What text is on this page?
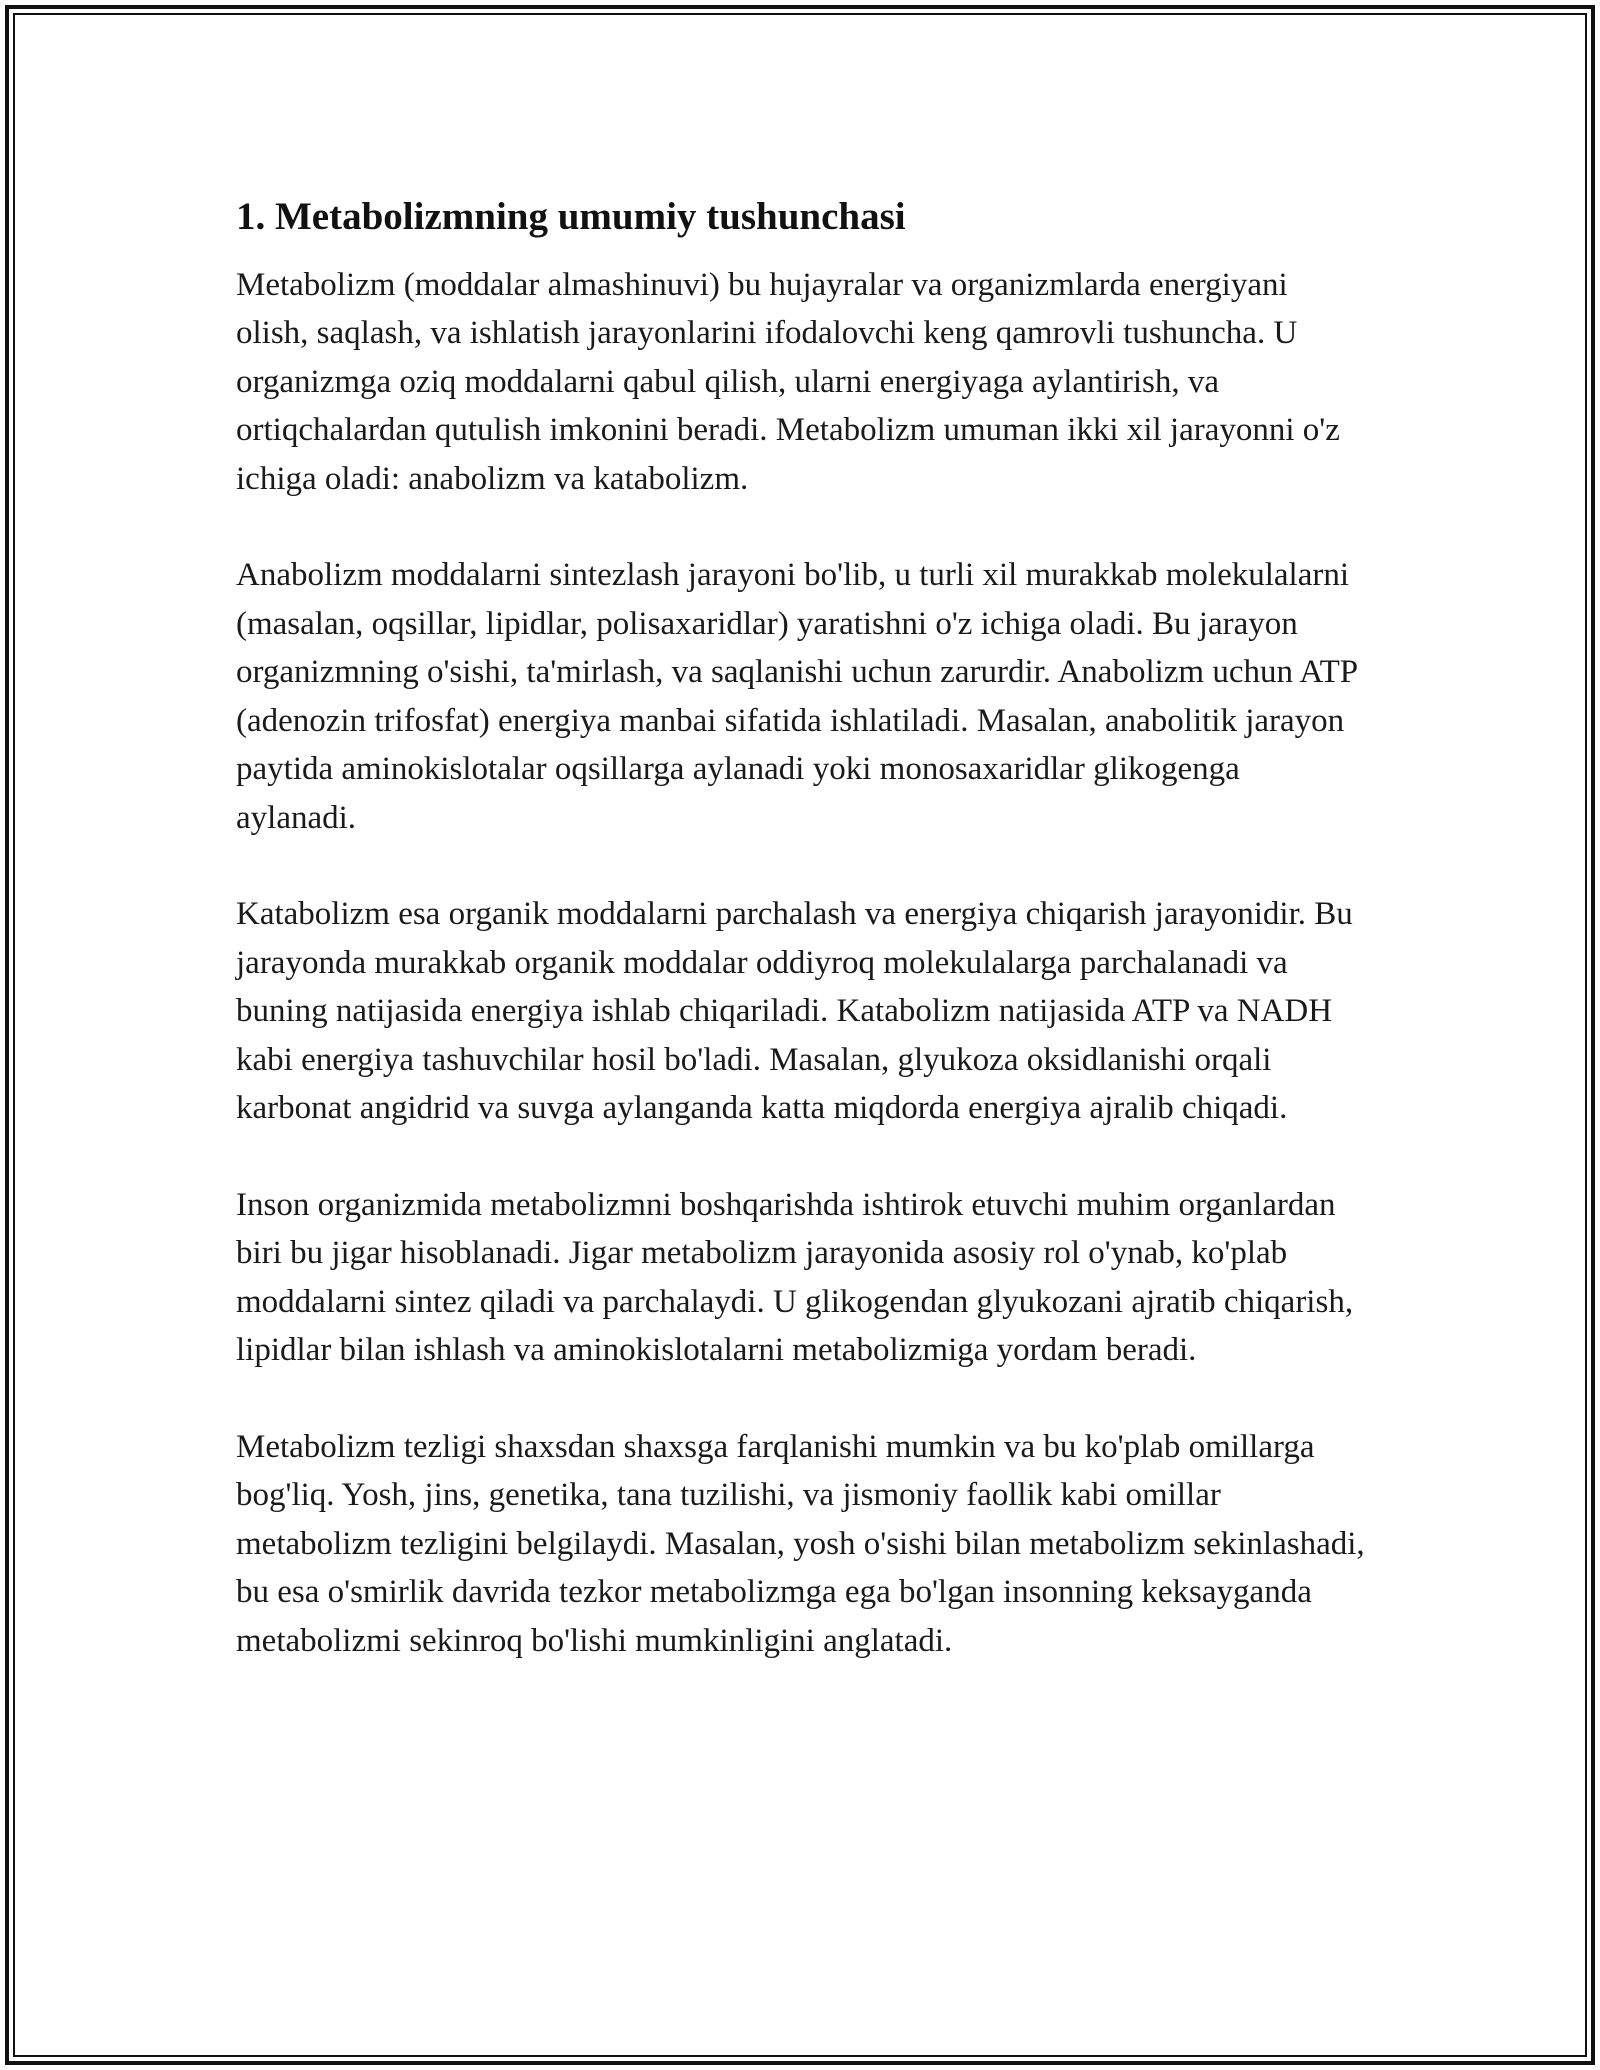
1. Metabolizmning umumiy tushunchasi

Metabolizm (moddalar almashinuvi) bu hujayralar va organizmlarda energiyani olish, saqlash, va ishlatish jarayonlarini ifodalovchi keng qamrovli tushuncha. U organizmga oziq moddalarni qabul qilish, ularni energiyaga aylantirish, va ortiqchalardan qutulish imkonini beradi. Metabolizm umuman ikki xil jarayonni o'z ichiga oladi: anabolizm va katabolizm.

Anabolizm moddalarni sintezlash jarayoni bo'lib, u turli xil murakkab molekulalarni (masalan, oqsillar, lipidlar, polisaxaridlar) yaratishni o'z ichiga oladi. Bu jarayon organizmning o'sishi, ta'mirlash, va saqlanishi uchun zarurdir. Anabolizm uchun ATP (adenozin trifosfat) energiya manbai sifatida ishlatiladi. Masalan, anabolitik jarayon paytida aminokislotalar oqsillarga aylanadi yoki monosaxaridlar glikogenga aylanadi.

Katabolizm esa organik moddalarni parchalash va energiya chiqarish jarayonidir. Bu jarayonda murakkab organik moddalar oddiyroq molekulalarga parchalanadi va buning natijasida energiya ishlab chiqariladi. Katabolizm natijasida ATP va NADH kabi energiya tashuvchilar hosil bo'ladi. Masalan, glyukoza oksidlanishi orqali karbonat angidrid va suvga aylanganda katta miqdorda energiya ajralib chiqadi.

Inson organizmida metabolizmni boshqarishda ishtirok etuvchi muhim organlardan biri bu jigar hisoblanadi. Jigar metabolizm jarayonida asosiy rol o'ynab, ko'plab moddalarni sintez qiladi va parchalaydi. U glikogendan glyukozani ajratib chiqarish, lipidlar bilan ishlash va aminokislotalarni metabolizmiga yordam beradi.

Metabolizm tezligi shaxsdan shaxsga farqlanishi mumkin va bu ko'plab omillarga bog'liq. Yosh, jins, genetika, tana tuzilishi, va jismoniy faollik kabi omillar metabolizm tezligini belgilaydi. Masalan, yosh o'sishi bilan metabolizm sekinlashadi, bu esa o'smirlik davrida tezkor metabolizmga ega bo'lgan insonning keksayganda metabolizmi sekinroq bo'lishi mumkinligini anglatadi.
